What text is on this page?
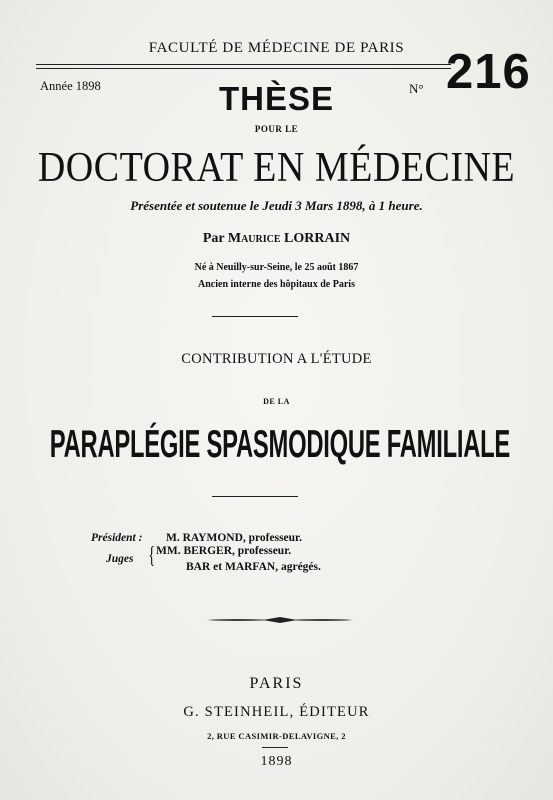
FACULTÉ DE MÉDECINE DE PARIS
Année 1898	N° 216
THÈSE
POUR LE
DOCTORAT EN MÉDECINE
Présentée et soutenue le Jeudi 3 Mars 1898, à 1 heure.
Par Maurice LORRAIN
Né à Neuilly-sur-Seine, le 25 août 1867
Ancien interne des hôpitaux de Paris
CONTRIBUTION A L'ÉTUDE
DE LA
PARAPLÉGIE SPASMODIQUE FAMILIALE
Président : M. RAYMOND, professeur.
Juges { MM. BERGER, professeur.
BAR et MARFAN, agrégés.
PARIS
G. STEINHEIL, ÉDITEUR
2, RUE CASIMIR-DELAVIGNE, 2
1898
